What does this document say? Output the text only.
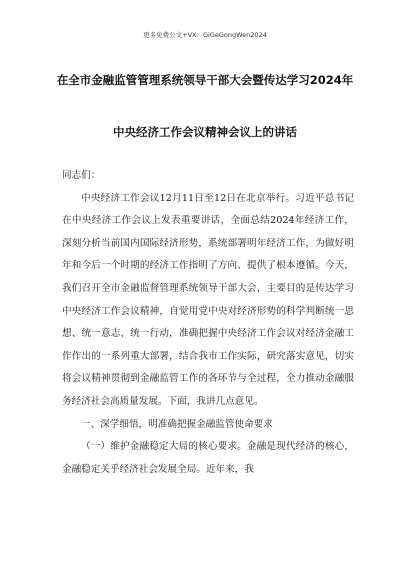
更多免费公文+VX：GiGeGongWen2024
在全市金融监管管理系统领导干部大会暨传达学习2024年
中央经济工作会议精神会议上的讲话

同志们：

中央经济工作会议12月11日至12日在北京举行。习近平总书记在中央经济工作会议上发表重要讲话，全面总结2024年经济工作，深刻分析当前国内国际经济形势，系统部署明年经济工作，为做好明年和今后一个时期的经济工作指明了方向、提供了根本遵循。今天，我们召开全市金融监督管理系统领导干部大会，主要目的是传达学习中央经济工作会议精神，自觉用党中央对经济形势的科学判断统一思想、统一意志、统一行动，准确把握中央经济工作会议对经济金融工作作出的一系列重大部署，结合我市工作实际，研究落实意见，切实将会议精神贯彻到金融监管工作的各环节与全过程，全力推动金融服务经济社会高质量发展。下面，我讲几点意见。

一、深学细悟，明准确把握金融监管使命要求

（一）维护金融稳定大局的核心要求。金融是现代经济的核心，金融稳定关乎经济社会发展全局。近年来，我
